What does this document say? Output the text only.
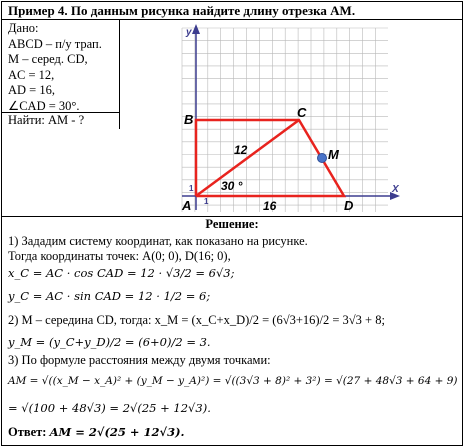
Пример 4. По данным рисунка найдите длину отрезка АМ.
Дано:
ABCD – п/у трап.
М – серед. CD,
AC = 12,
AD = 16,
∠CAD = 30°.
Найти: АМ - ?
y
X
1
1
A
B	C
D
M
12
16
30 °
Решение:
1) Зададим систему координат, как показано на рисунке.
Тогда координаты точек: A(0; 0), D(16; 0),
x_C = AC · cos CAD = 12 · √3/2 = 6√3;
y_C = AC · sin CAD = 12 · 1/2 = 6;
2) М – середина CD, тогда: x_M = (x_C+x_D)/2 = (6√3+16)/2 = 3√3 + 8;
y_M = (y_C+y_D)/2 = (6+0)/2 = 3.
3) По формуле расстояния между двумя точками:
AM = √((x_M − x_A)² + (y_M − y_A)²) = √((3√3 + 8)² + 3²) = √(27 + 48√3 + 64 + 9)
= √(100 + 48√3) = 2√(25 + 12√3).
Ответ: AM = 2√(25 + 12√3).
